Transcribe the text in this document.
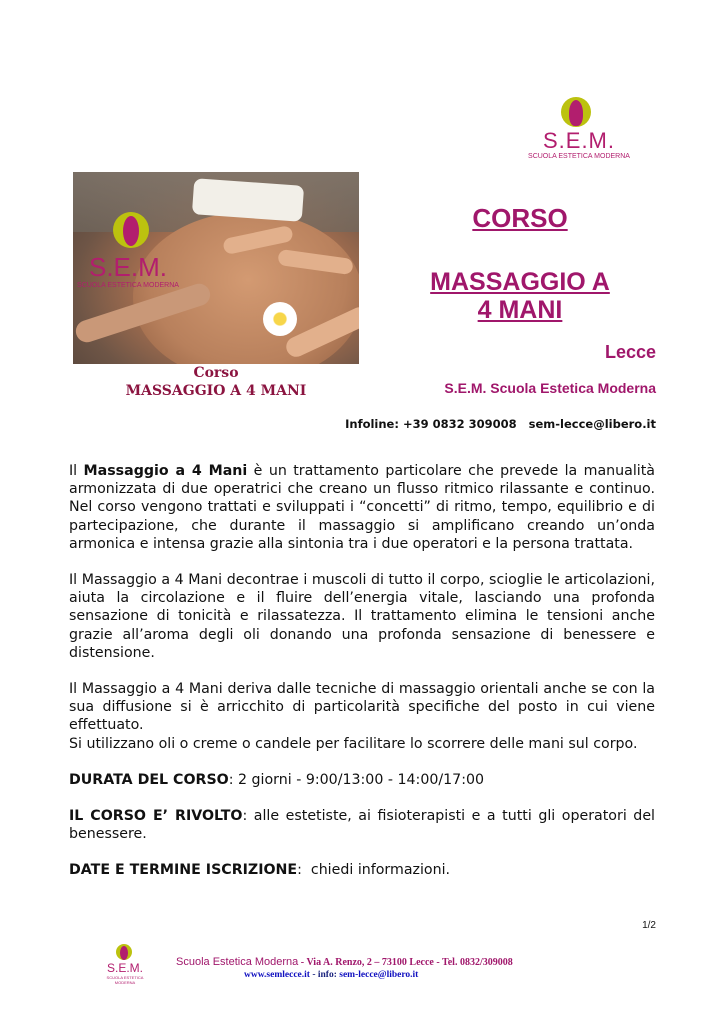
S.E.M.
SCUOLA ESTETICA MODERNA
S.E.M.
SCUOLA ESTETICA MODERNA
Corso
MASSAGGIO A 4 MANI
CORSO
MASSAGGIO A
4 MANI
Lecce
S.E.M. Scuola Estetica Moderna
Infoline: +39 0832 309008   sem-lecce@libero.it

Il Massaggio a 4 Mani è un trattamento particolare che prevede la manualità armonizzata di due operatrici che creano un flusso ritmico rilassante e continuo. Nel corso vengono trattati e sviluppati i “concetti” di ritmo, tempo, equilibrio e di partecipazione, che durante il massaggio si amplificano creando un’onda armonica e intensa grazie alla sintonia tra i due operatori e la persona trattata.

Il Massaggio a 4 Mani decontrae i muscoli di tutto il corpo, scioglie le articolazioni, aiuta la circolazione e il fluire dell’energia vitale, lasciando una profonda sensazione di tonicità e rilassatezza. Il trattamento elimina le tensioni anche grazie all’aroma degli oli donando una profonda sensazione di benessere e distensione.

Il Massaggio a 4 Mani deriva dalle tecniche di massaggio orientali anche se con la sua diffusione si è arricchito di particolarità specifiche del posto in cui viene effettuato.

Si utilizzano oli o creme o candele per facilitare lo scorrere delle mani sul corpo.

DURATA DEL CORSO: 2 giorni - 9:00/13:00 - 14:00/17:00

IL CORSO E’ RIVOLTO: alle estetiste, ai fisioterapisti e a tutti gli operatori del benessere.

DATE E TERMINE ISCRIZIONE:  chiedi informazioni.

1/2
S.E.M.
SCUOLA ESTETICA MODERNA
Scuola Estetica Moderna - Via A. Renzo, 2 – 73100 Lecce - Tel. 0832/309008
www.semlecce.it - info: sem-lecce@libero.it
